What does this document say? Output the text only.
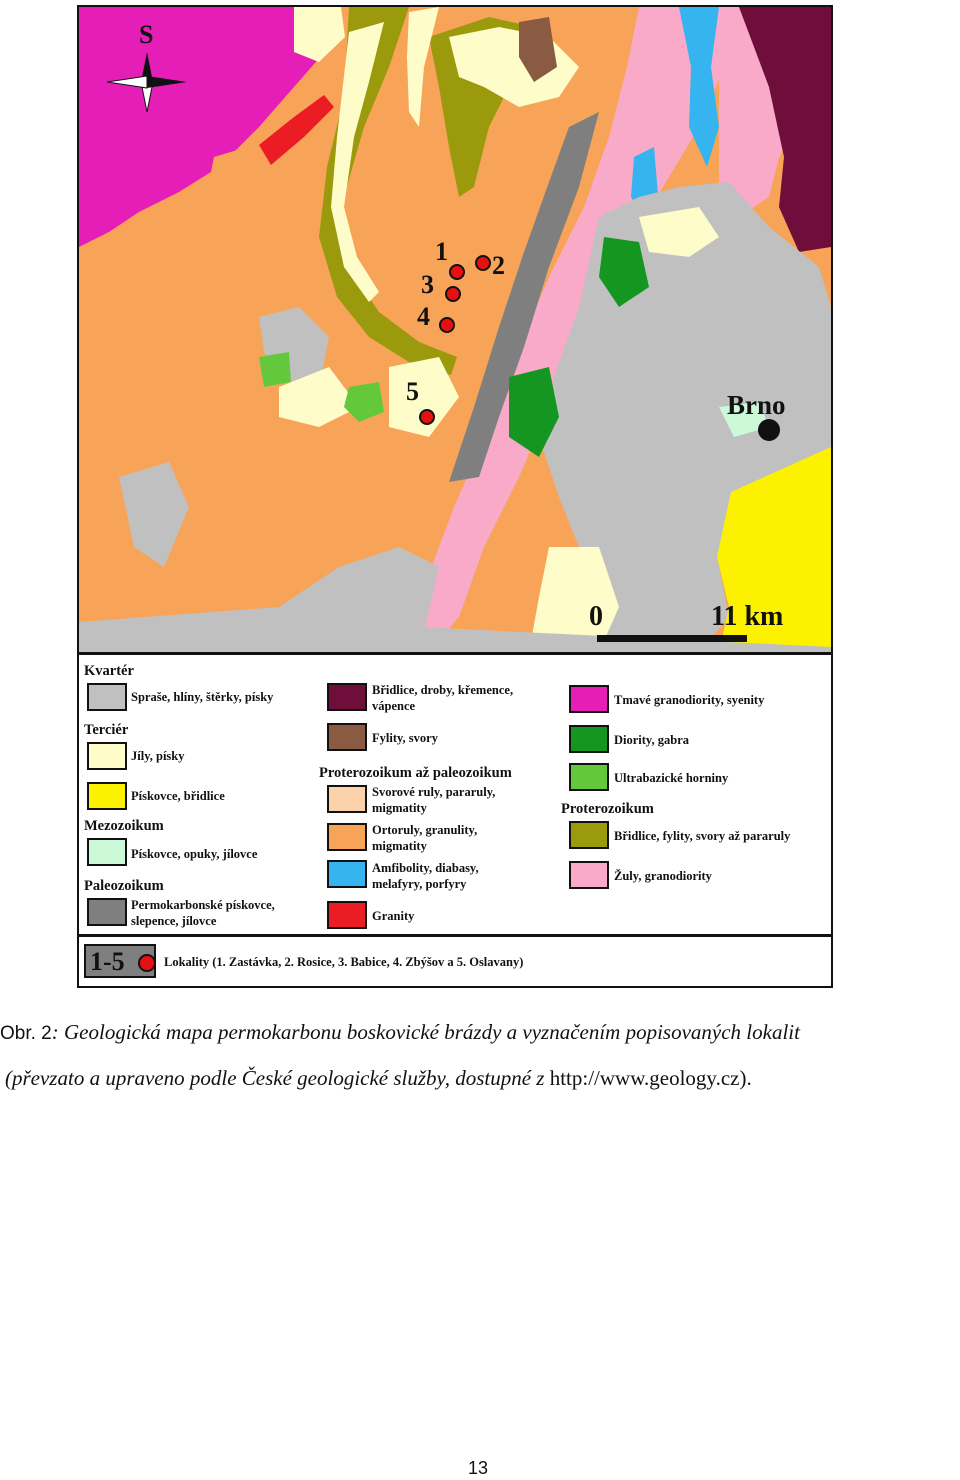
S
1 2
3
4
5	Brno
0	11 km
Kvartér
Spraše, hlíny, štěrky, písky
Terciér
Jíly, písky
Pískovce, břidlice
Mezozoikum
Pískovce, opuky, jílovce
Paleozoikum
Permokarbonské pískovce,
slepence, jílovce
Břidlice, droby, křemence,
vápence
Fylity, svory
Proterozoikum až paleozoikum
Svorové ruly, pararuly,
migmatity
Ortoruly, granulity,
migmatity
Amfibolity, diabasy,
melafyry, porfyry
Granity
Tmavé granodiority, syenity
Diority, gabra
Ultrabazické horniny
Proterozoikum
Břidlice, fylity, svory až pararuly
Žuly, granodiority
1-5	Lokality (1. Zastávka, 2. Rosice, 3. Babice, 4. Zbýšov a 5. Oslavany)
Obr. 2: Geologická mapa permokarbonu boskovické brázdy a vyznačením popisovaných lokalit
(převzato a upraveno podle České geologické služby, dostupné z http://www.geology.cz).
13
